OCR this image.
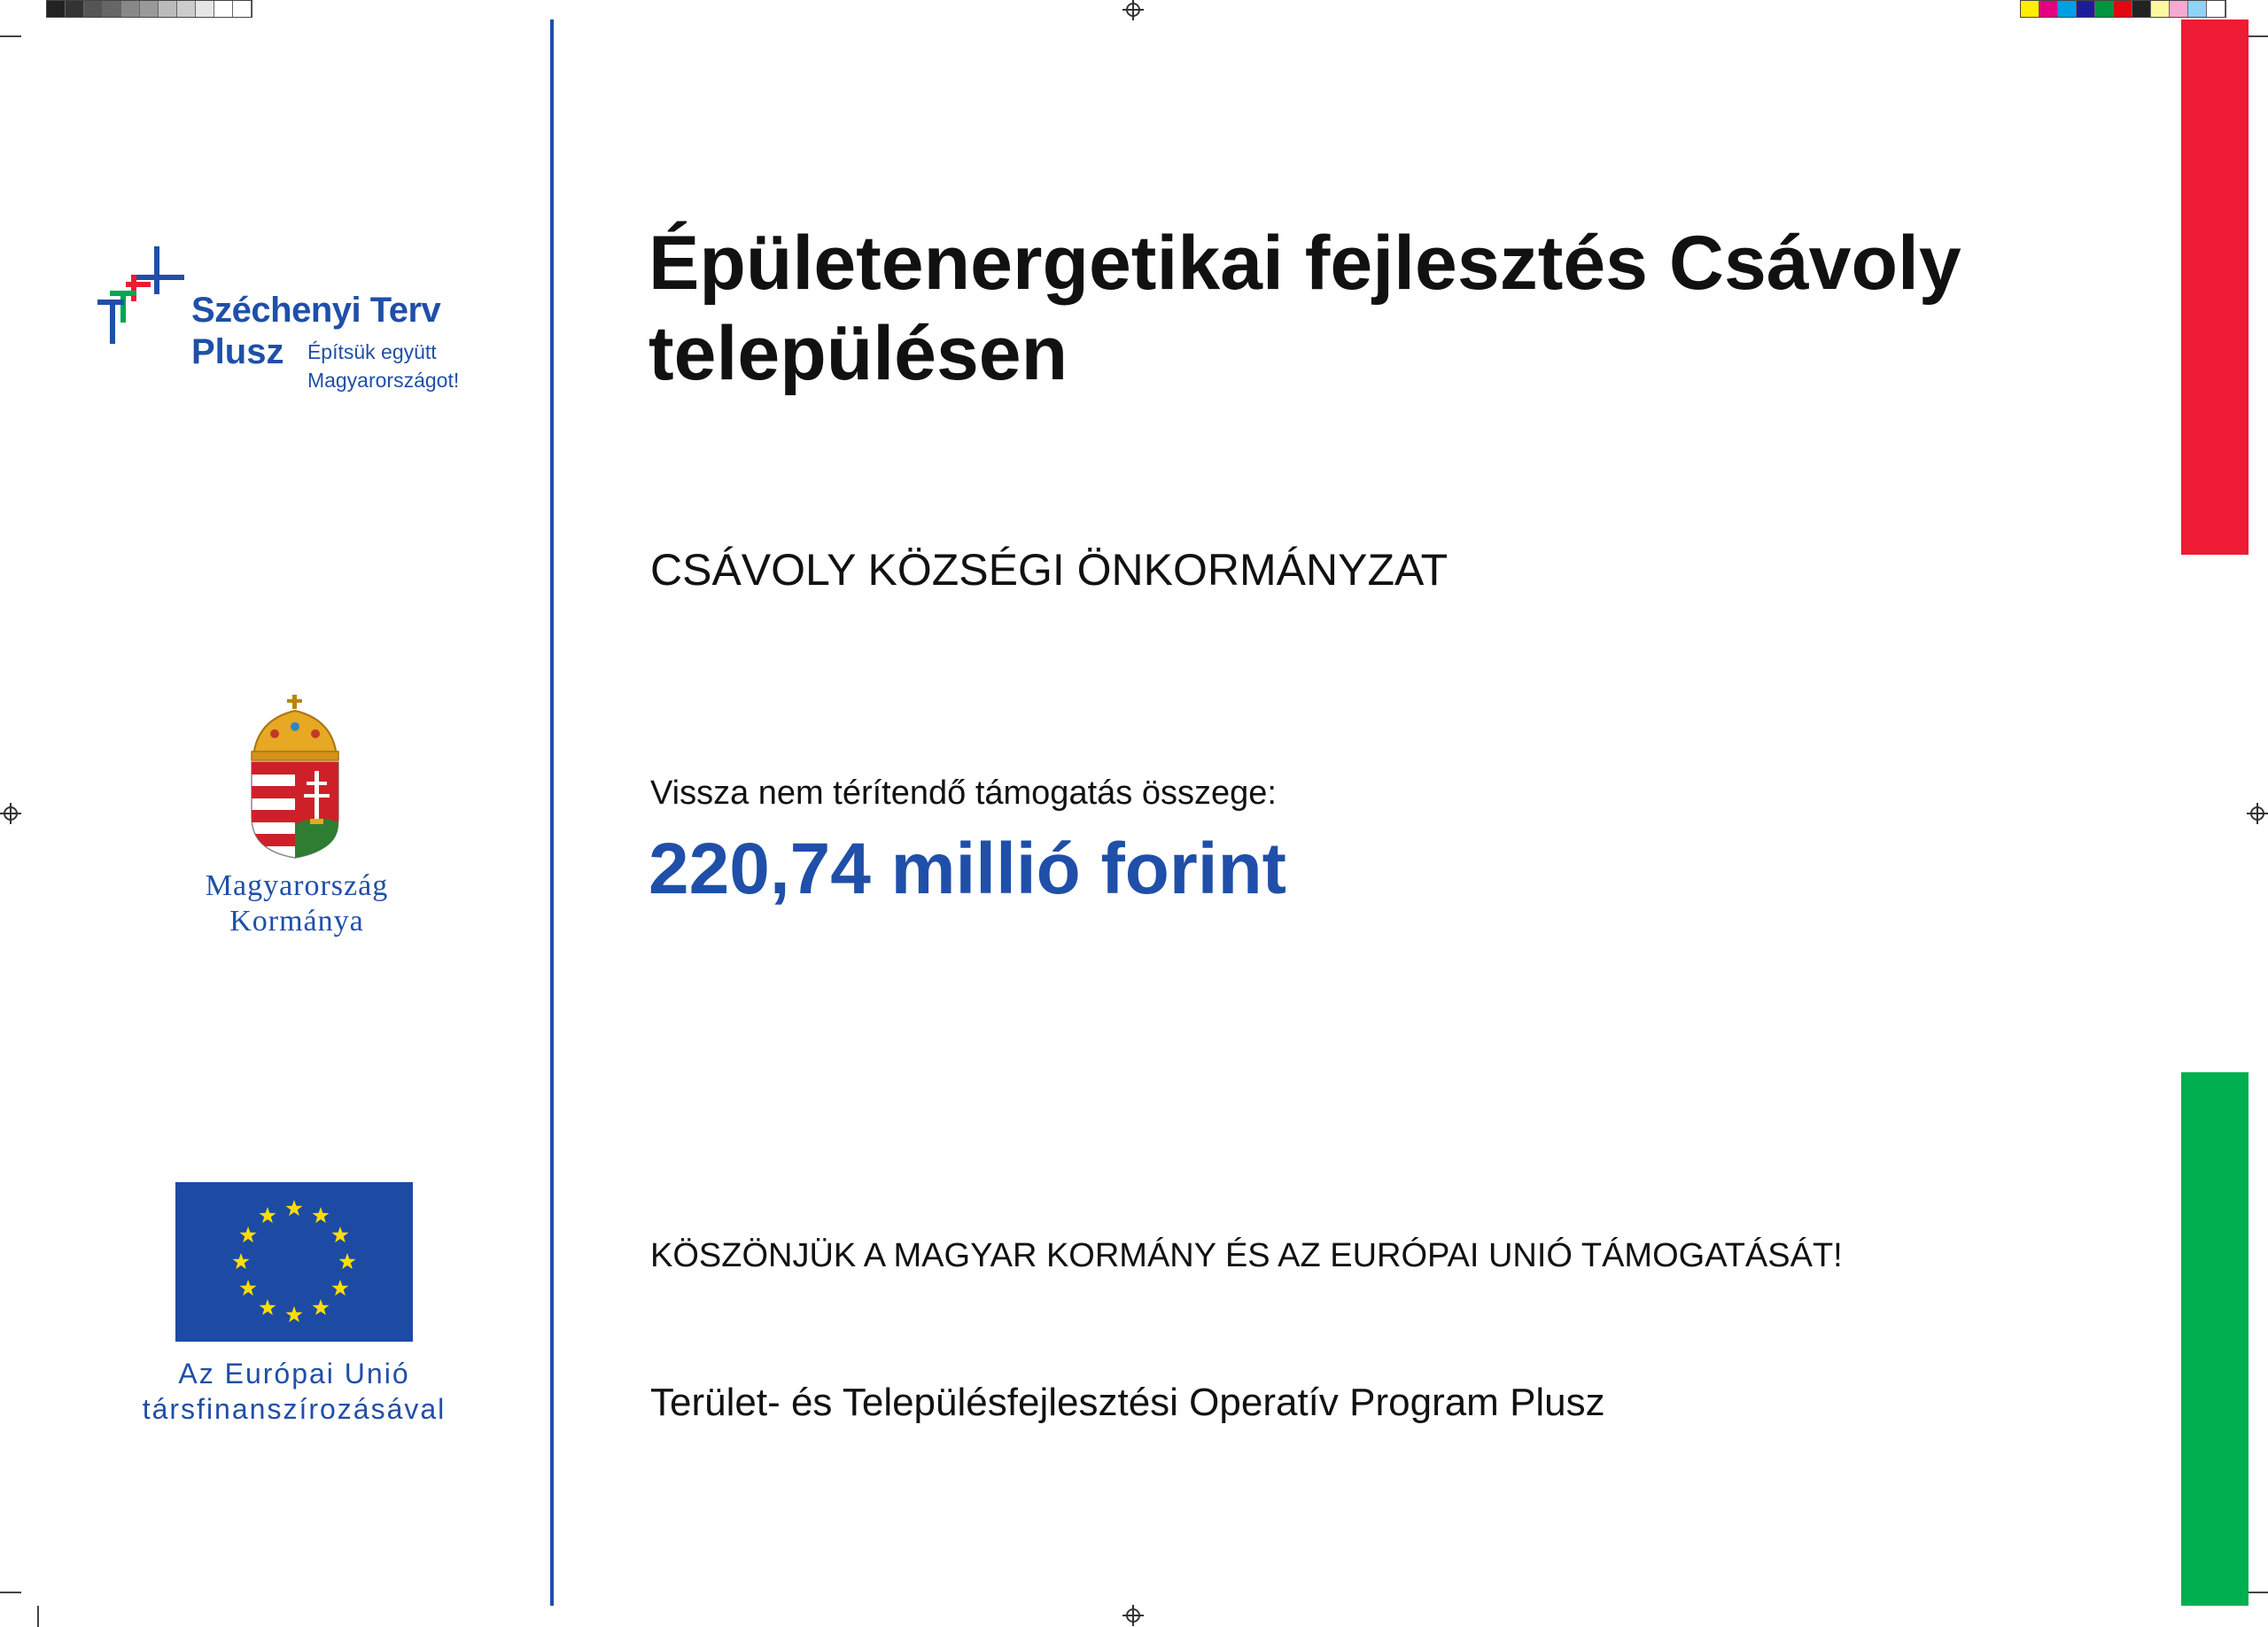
Széchenyi Terv
Plusz Építsük együtt
Magyarországot!
Magyarország
Kormánya
Az Európai Unió
társfinanszírozásával
Épületenergetikai fejlesztés Csávoly településen
CSÁVOLY KÖZSÉGI ÖNKORMÁNYZAT
Vissza nem térítendő támogatás összege:
220,74 millió forint
KÖSZÖNJÜK A MAGYAR KORMÁNY ÉS AZ EURÓPAI UNIÓ TÁMOGATÁSÁT!
Terület- és Településfejlesztési Operatív Program Plusz
